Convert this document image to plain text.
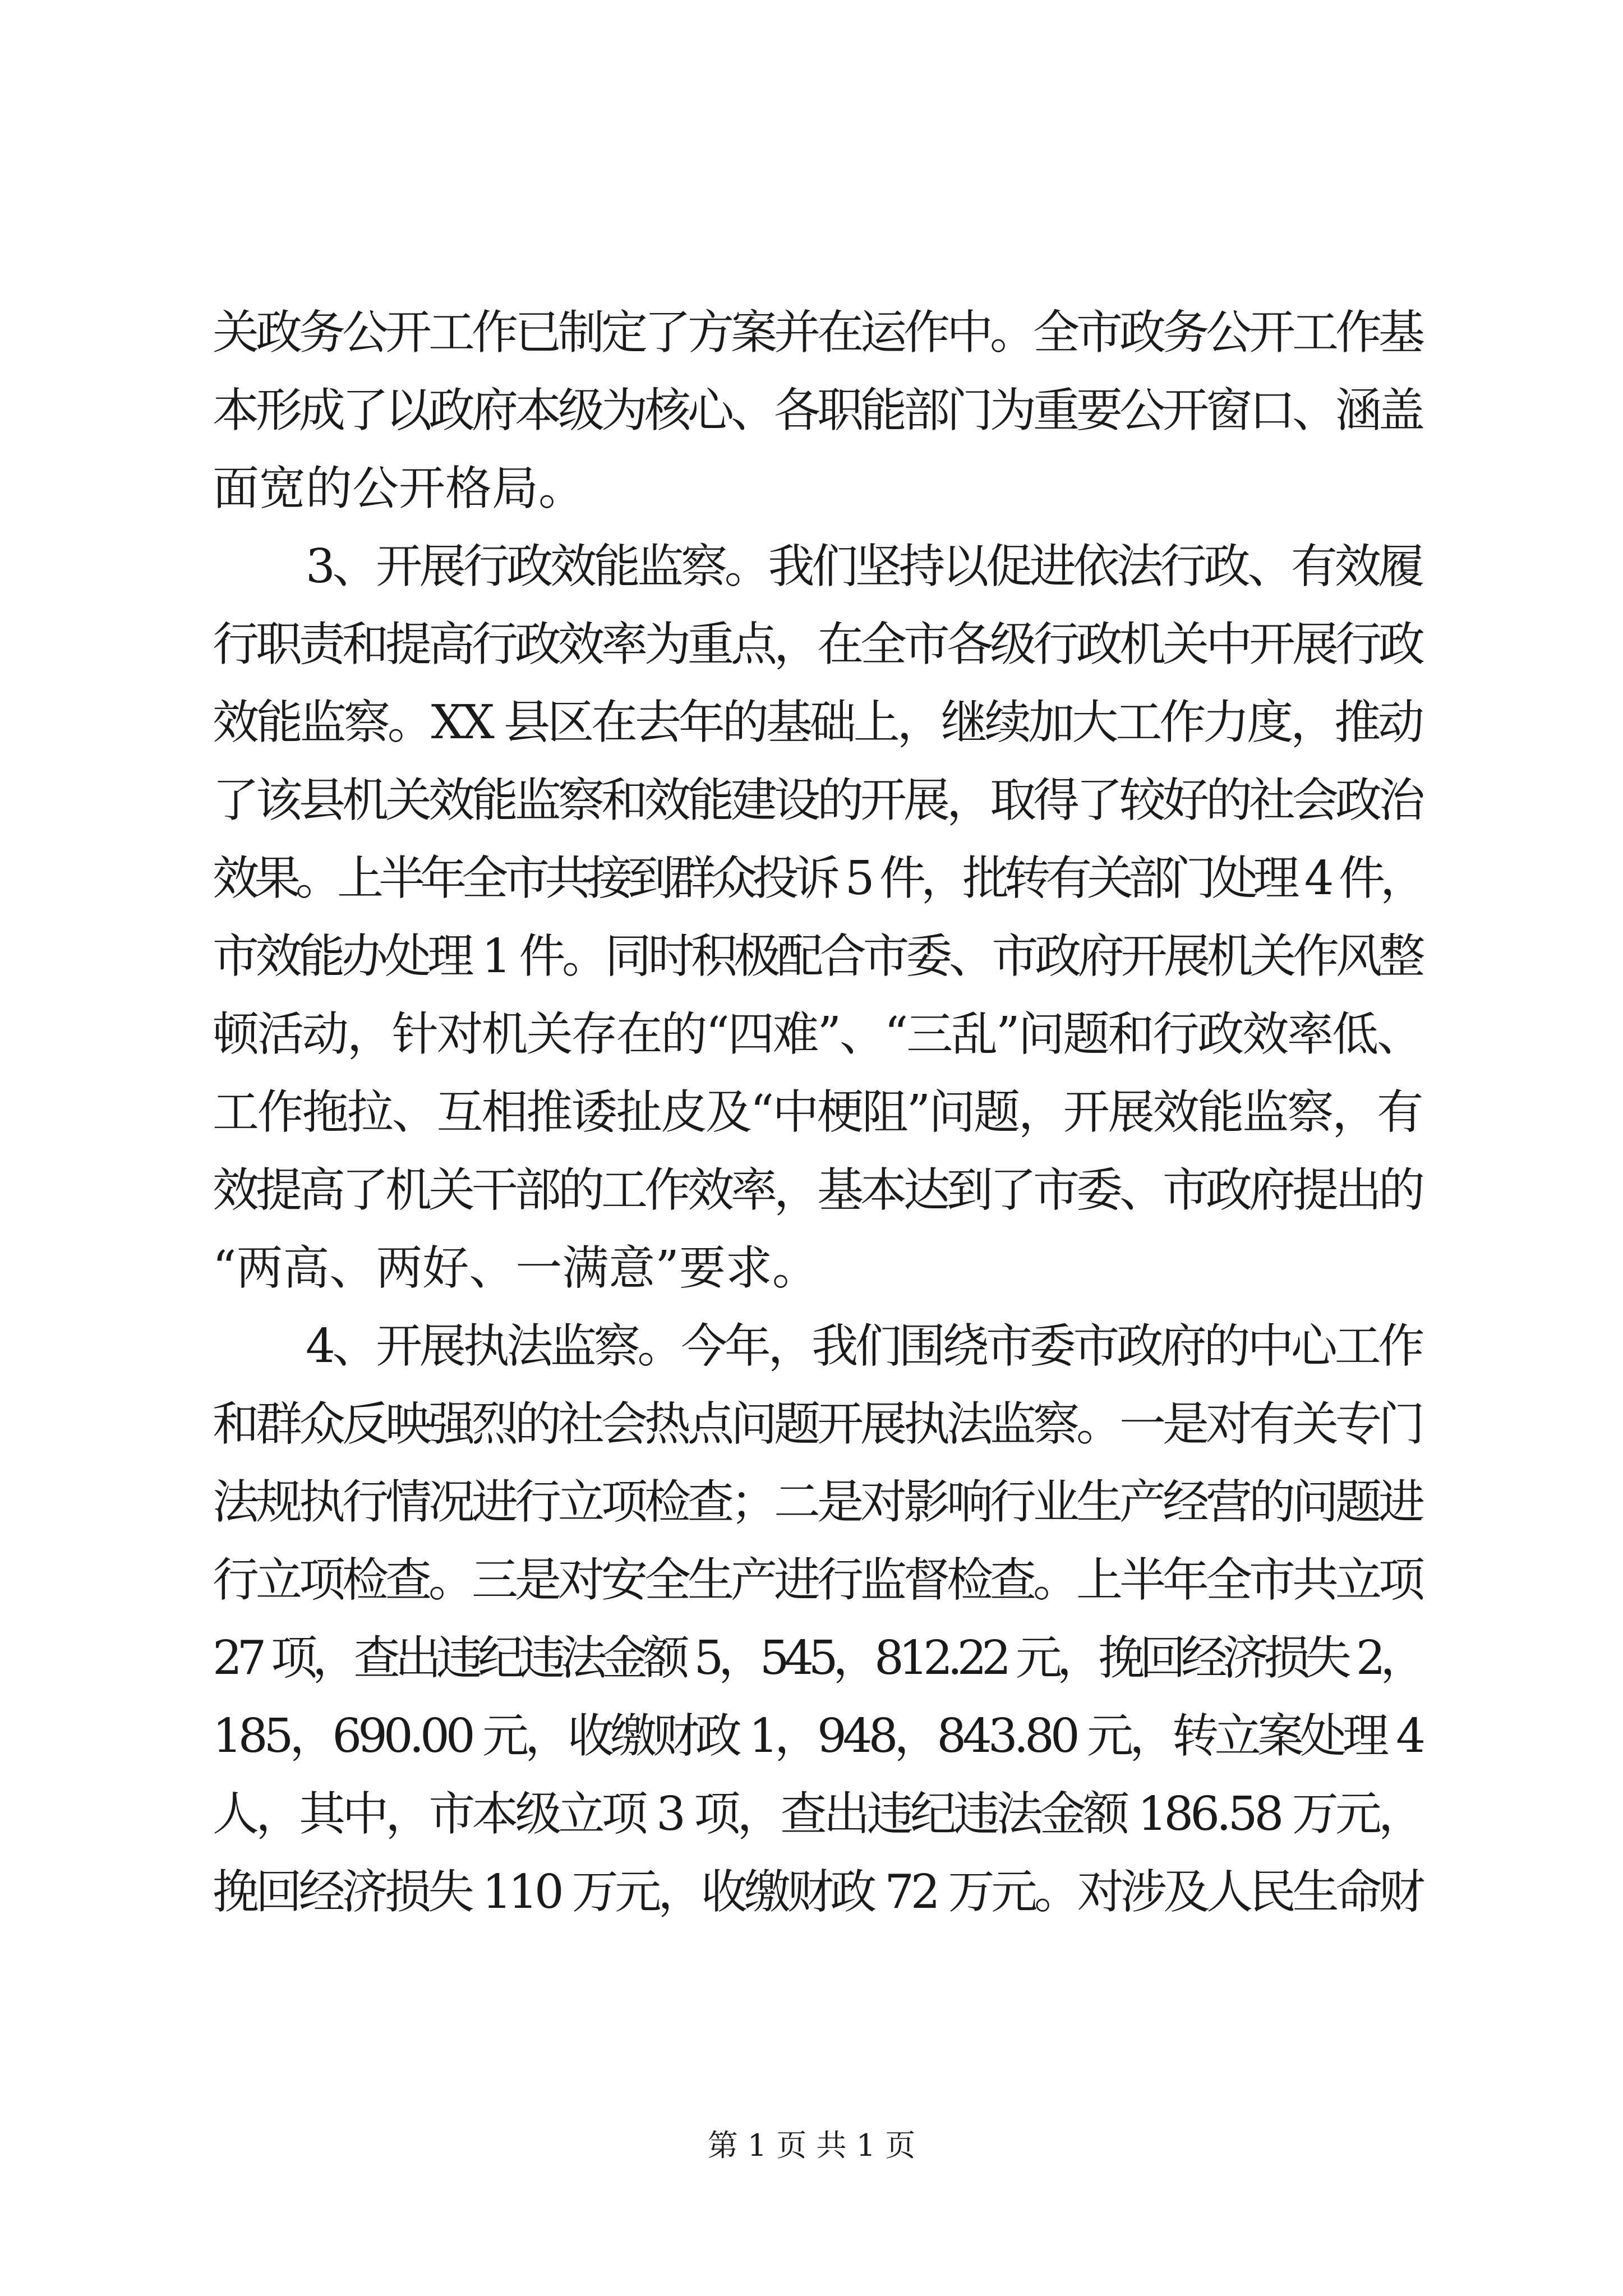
关政务公开工作已制定了方案并在运作中。全市政务公开工作基
本形成了以政府本级为核心、各职能部门为重要公开窗口、涵盖
面宽的公开格局。
3、开展行政效能监察。我们坚持以促进依法行政、有效履
行职责和提高行政效率为重点，在全市各级行政机关中开展行政
效能监察。XX 县区在去年的基础上，继续加大工作力度，推动
了该县机关效能监察和效能建设的开展，取得了较好的社会政治
效果。上半年全市共接到群众投诉 5 件，批转有关部门处理 4 件，
市效能办处理 1 件。同时积极配合市委、市政府开展机关作风整
顿活动，针对机关存在的“四难”、“三乱”问题和行政效率低、
工作拖拉、互相推诿扯皮及“中梗阻”问题，开展效能监察，有
效提高了机关干部的工作效率，基本达到了市委、市政府提出的
“两高、两好、一满意”要求。
4、开展执法监察。今年，我们围绕市委市政府的中心工作
和群众反映强烈的社会热点问题开展执法监察。一是对有关专门
法规执行情况进行立项检查；二是对影响行业生产经营的问题进
行立项检查。三是对安全生产进行监督检查。上半年全市共立项
27 项，查出违纪违法金额 5，545，812.22 元，挽回经济损失 2，
185，690.00 元，收缴财政 1，948，843.80 元，转立案处理 4
人，其中，市本级立项 3 项，查出违纪违法金额 186.58 万元，
挽回经济损失 110 万元，收缴财政 72 万元。对涉及人民生命财
第 1 页 共 1 页
